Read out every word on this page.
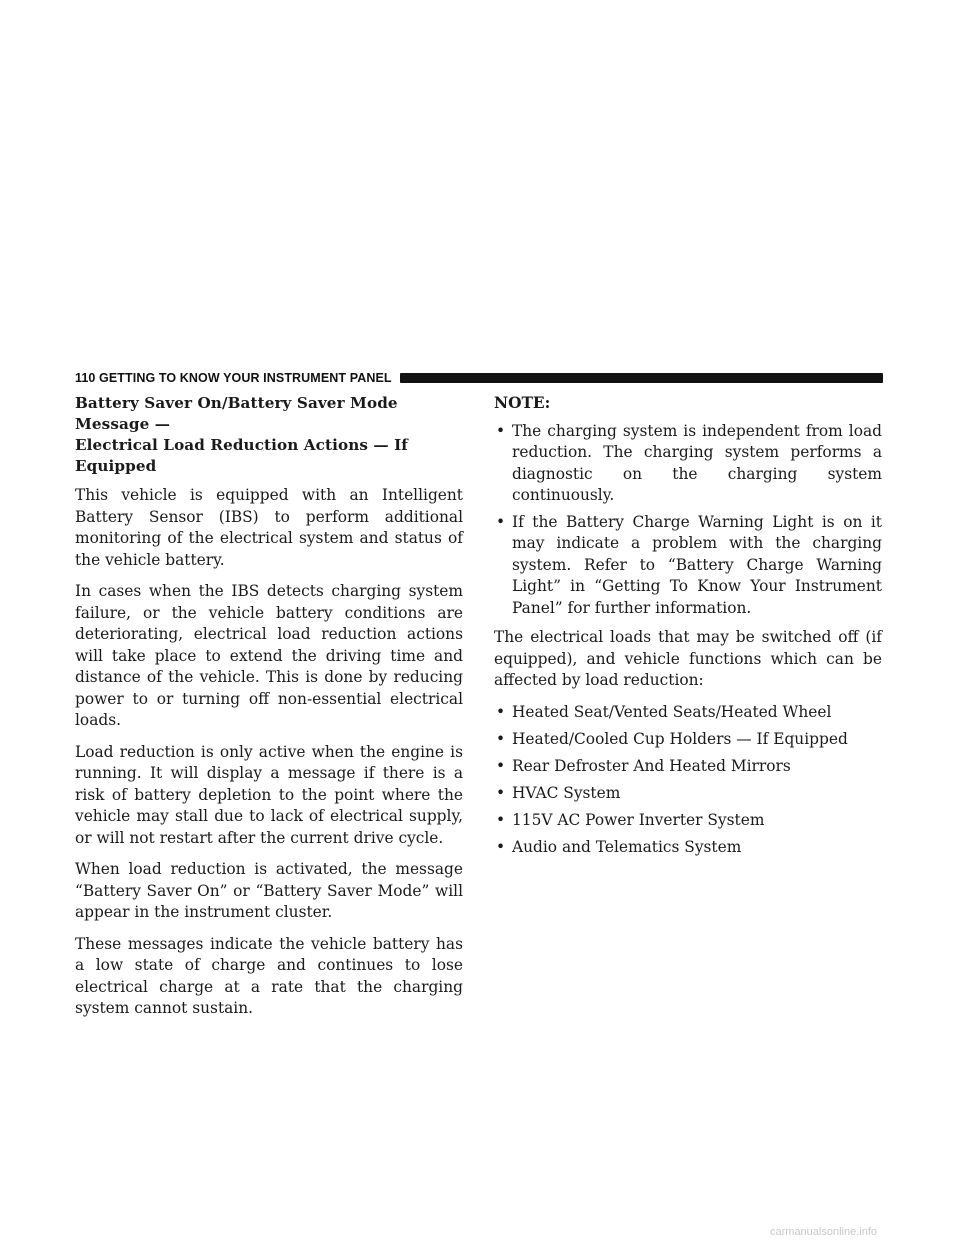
110 GETTING TO KNOW YOUR INSTRUMENT PANEL
Battery Saver On/Battery Saver Mode Message —
Electrical Load Reduction Actions — If Equipped

This vehicle is equipped with an Intelligent Battery Sensor (IBS) to perform additional monitoring of the electrical system and status of the vehicle battery.

In cases when the IBS detects charging system failure, or the vehicle battery conditions are deteriorating, electrical load reduction actions will take place to extend the driving time and distance of the vehicle. This is done by reducing power to or turning off non-essential electrical loads.

Load reduction is only active when the engine is running. It will display a message if there is a risk of battery depletion to the point where the vehicle may stall due to lack of electrical supply, or will not restart after the current drive cycle.

When load reduction is activated, the message “Battery Saver On” or “Battery Saver Mode” will appear in the instrument cluster.

These messages indicate the vehicle battery has a low state of charge and continues to lose electrical charge at a rate that the charging system cannot sustain.

NOTE:
• The charging system is independent from load reduction. The charging system performs a diagnostic on the charging system continuously.
• If the Battery Charge Warning Light is on it may indicate a problem with the charging system. Refer to “Battery Charge Warning Light” in “Getting To Know Your Instrument Panel” for further information.

The electrical loads that may be switched off (if equipped), and vehicle functions which can be affected by load reduction:

• Heated Seat/Vented Seats/Heated Wheel
• Heated/Cooled Cup Holders — If Equipped
• Rear Defroster And Heated Mirrors
• HVAC System
• 115V AC Power Inverter System
• Audio and Telematics System
carmanualsonline.info
